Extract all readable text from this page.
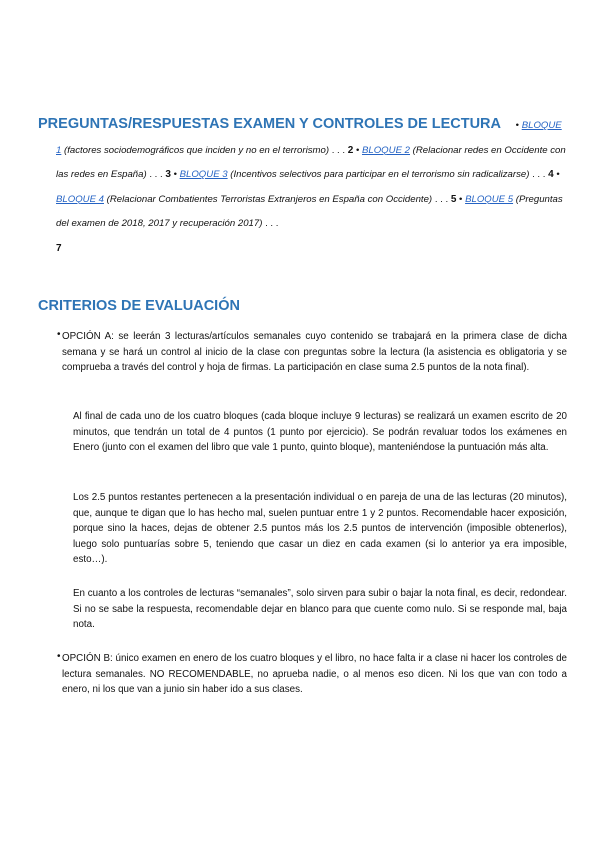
PREGUNTAS/RESPUESTAS EXAMEN Y CONTROLES DE LECTURA	• BLOQUE 1 (factores sociodemográficos que inciden y no en el terrorismo) . . . 2 • BLOQUE 2 (Relacionar redes en Occidente con las redes en España) . . . 3 • BLOQUE 3 (Incentivos selectivos para participar en el terrorismo sin radicalizarse) . . . 4 • BLOQUE 4 (Relacionar Combatientes Terroristas Extranjeros en España con Occidente) . . . 5 • BLOQUE 5 (Preguntas del examen de 2018, 2017 y recuperación 2017) . . .
7
CRITERIOS DE EVALUACIÓN
• OPCIÓN A: se leerán 3 lecturas/artículos semanales cuyo contenido se trabajará en la primera clase de dicha semana y se hará un control al inicio de la clase con preguntas sobre la lectura (la asistencia es obligatoria y se comprueba a través del control y hoja de firmas. La participación en clase suma 2.5 puntos de la nota final).
Al final de cada uno de los cuatro bloques (cada bloque incluye 9 lecturas) se realizará un examen escrito de 20 minutos, que tendrán un total de 4 puntos (1 punto por ejercicio). Se podrán revaluar todos los exámenes en Enero (junto con el examen del libro que vale 1 punto, quinto bloque), manteniéndose la puntuación más alta.
Los 2.5 puntos restantes pertenecen a la presentación individual o en pareja de una de las lecturas (20 minutos), que, aunque te digan que lo has hecho mal, suelen puntuar entre 1 y 2 puntos. Recomendable hacer exposición, porque sino la haces, dejas de obtener 2.5 puntos más los 2.5 puntos de intervención (imposible obtenerlos), luego solo puntuarías sobre 5, teniendo que casar un diez en cada examen (si lo anterior ya era imposible, esto…).
En cuanto a los controles de lecturas “semanales”, solo sirven para subir o bajar la nota final, es decir, redondear. Si no se sabe la respuesta, recomendable dejar en blanco para que cuente como nulo. Si se responde mal, baja nota.
• OPCIÓN B: único examen en enero de los cuatro bloques y el libro, no hace falta ir a clase ni hacer los controles de lectura semanales. NO RECOMENDABLE, no aprueba nadie, o al menos eso dicen. Ni los que van con todo a enero, ni los que van a junio sin haber ido a sus clases.
